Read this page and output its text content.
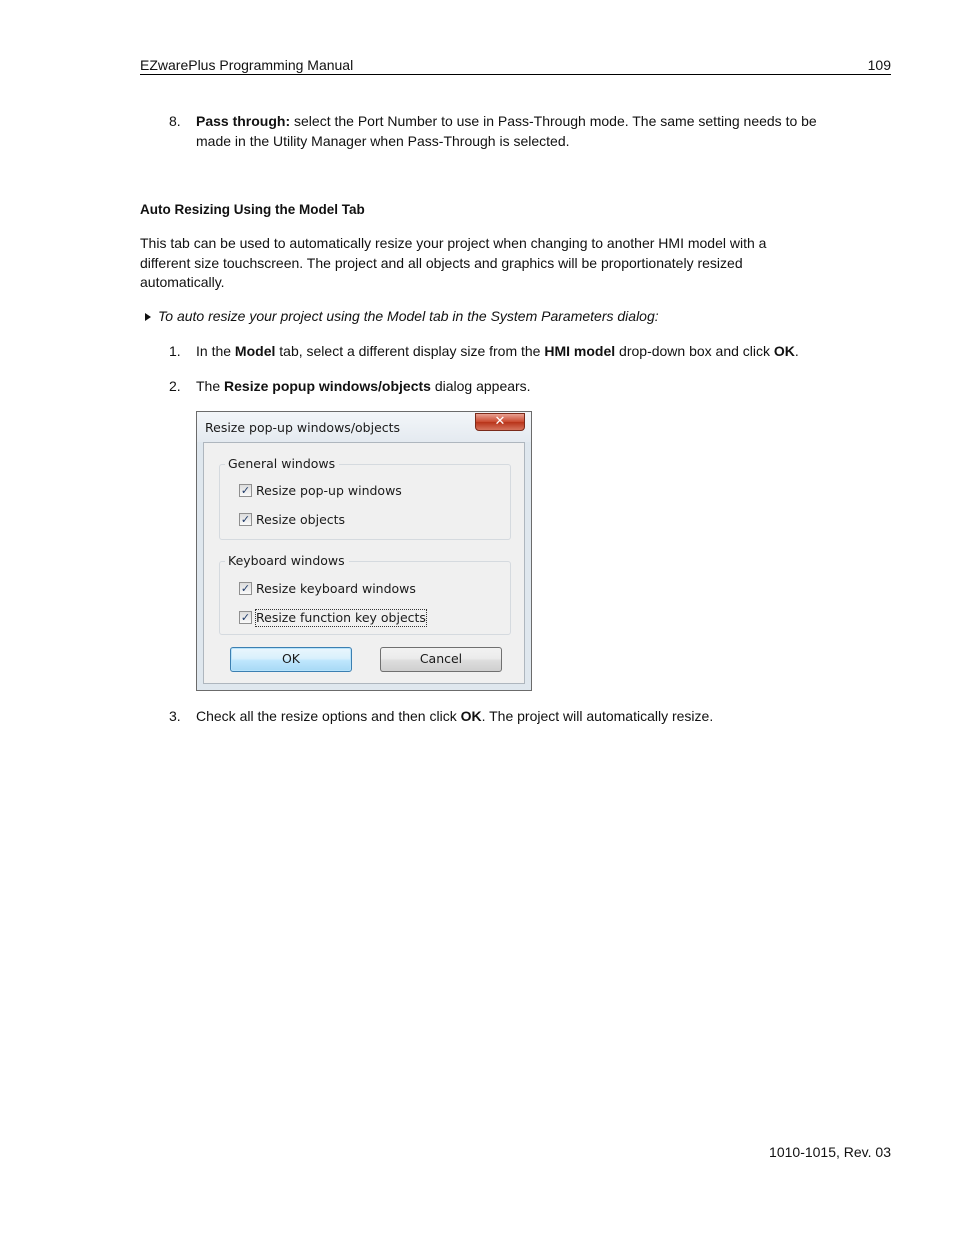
EZwarePlus Programming Manual	109
8. Pass through: select the Port Number to use in Pass-Through mode. The same setting needs to be
made in the Utility Manager when Pass-Through is selected.
Auto Resizing Using the Model Tab
This tab can be used to automatically resize your project when changing to another HMI model with a
different size touchscreen. The project and all objects and graphics will be proportionately resized
automatically.
To auto resize your project using the Model tab in the System Parameters dialog:
1. In the Model tab, select a different display size from the HMI model drop-down box and click OK.
2. The Resize popup windows/objects dialog appears.
Resize pop-up windows/objects	✕
General windows
✓ Resize pop-up windows
✓ Resize objects
Keyboard windows
✓ Resize keyboard windows
✓ Resize function key objects
OK	Cancel
3. Check all the resize options and then click OK. The project will automatically resize.
1010-1015, Rev. 03
